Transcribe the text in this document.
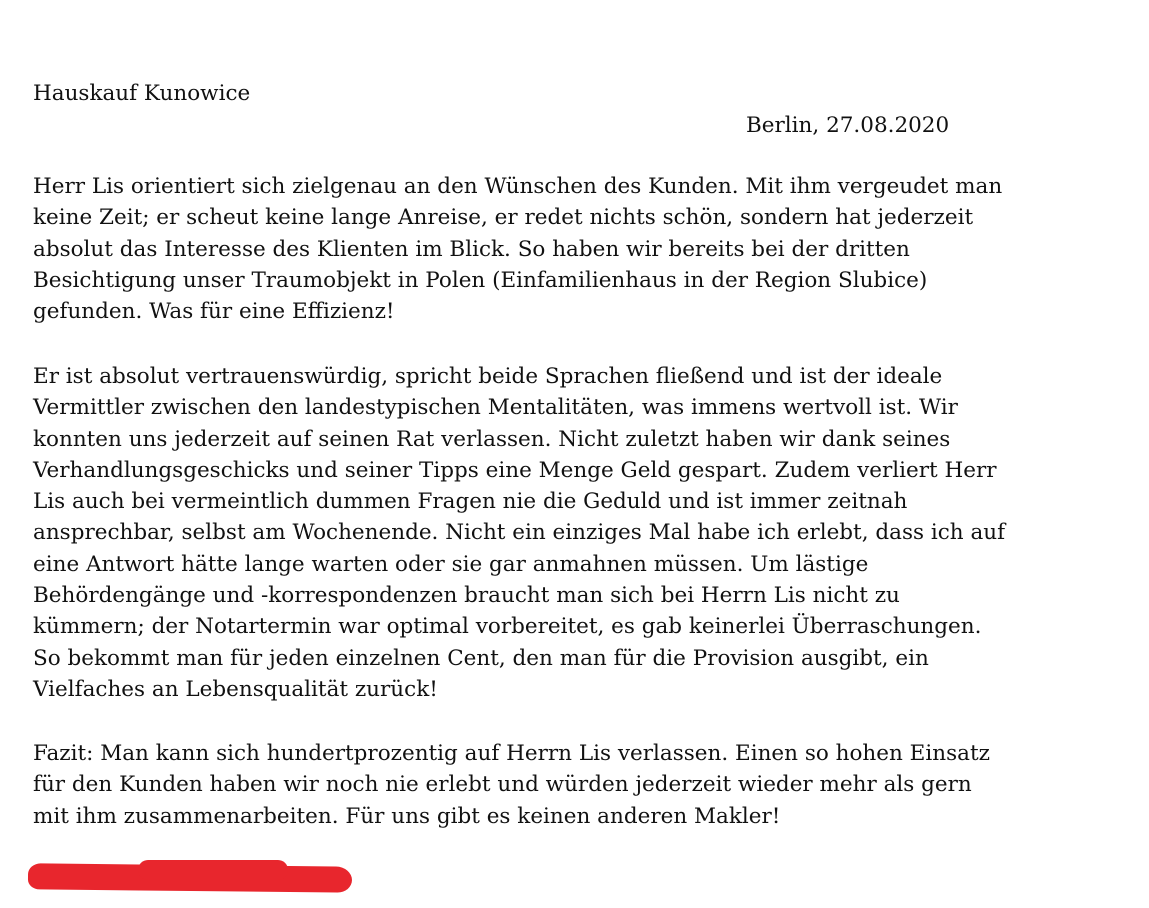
Hauskauf Kunowice
Berlin, 27.08.2020

Herr Lis orientiert sich zielgenau an den Wünschen des Kunden. Mit ihm vergeudet man
keine Zeit; er scheut keine lange Anreise, er redet nichts schön, sondern hat jederzeit
absolut das Interesse des Klienten im Blick. So haben wir bereits bei der dritten
Besichtigung unser Traumobjekt in Polen (Einfamilienhaus in der Region Slubice)
gefunden. Was für eine Effizienz!

Er ist absolut vertrauenswürdig, spricht beide Sprachen fließend und ist der ideale
Vermittler zwischen den landestypischen Mentalitäten, was immens wertvoll ist. Wir
konnten uns jederzeit auf seinen Rat verlassen. Nicht zuletzt haben wir dank seines
Verhandlungsgeschicks und seiner Tipps eine Menge Geld gespart. Zudem verliert Herr
Lis auch bei vermeintlich dummen Fragen nie die Geduld und ist immer zeitnah
ansprechbar, selbst am Wochenende. Nicht ein einziges Mal habe ich erlebt, dass ich auf
eine Antwort hätte lange warten oder sie gar anmahnen müssen. Um lästige
Behördengänge und -korrespondenzen braucht man sich bei Herrn Lis nicht zu
kümmern; der Notartermin war optimal vorbereitet, es gab keinerlei Überraschungen.
So bekommt man für jeden einzelnen Cent, den man für die Provision ausgibt, ein
Vielfaches an Lebensqualität zurück!

Fazit: Man kann sich hundertprozentig auf Herrn Lis verlassen. Einen so hohen Einsatz
für den Kunden haben wir noch nie erlebt und würden jederzeit wieder mehr als gern
mit ihm zusammenarbeiten. Für uns gibt es keinen anderen Makler!
